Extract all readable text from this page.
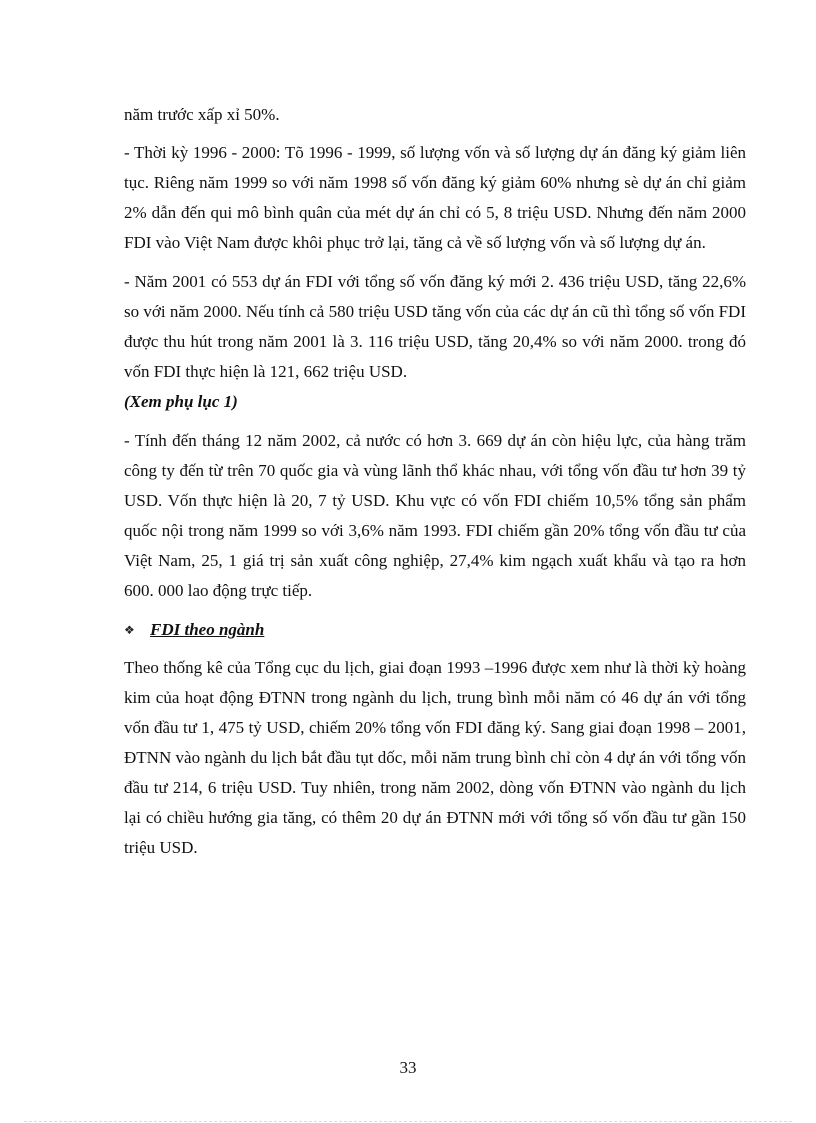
năm trước xấp xỉ 50%.

- Thời kỳ 1996 - 2000: Tõ 1996 - 1999, số lượng vốn và số lượng dự án đăng ký giảm liên tục. Riêng năm 1999 so với năm 1998 số vốn đăng ký giảm 60% nhưng sè dự án chỉ giảm 2% dẫn đến qui mô bình quân của mét dự án chỉ có 5, 8 triệu USD. Nhưng đến năm 2000 FDI vào Việt Nam được khôi phục trở lại, tăng cả về số lượng vốn và số lượng dự án.

- Năm 2001 có 553 dự án FDI với tổng số vốn đăng ký mới 2. 436 triệu USD, tăng 22,6% so với năm 2000. Nếu tính cả 580 triệu USD tăng vốn của các dự án cũ thì tổng số vốn FDI được thu hút trong năm 2001 là 3. 116 triệu USD, tăng 20,4% so với năm 2000. trong đó vốn FDI thực hiện là 121, 662 triệu USD.
(Xem phụ lục 1)

- Tính đến tháng 12 năm 2002, cả nước có hơn 3. 669 dự án còn hiệu lực, của hàng trăm công ty đến từ trên 70 quốc gia và vùng lãnh thổ khác nhau, với tổng vốn đầu tư hơn 39 tỷ USD. Vốn thực hiện là 20, 7 tỷ USD. Khu vực có vốn FDI chiếm 10,5% tổng sản phẩm quốc nội trong năm 1999 so với 3,6% năm 1993. FDI chiếm gần 20% tổng vốn đầu tư của Việt Nam, 25, 1 giá trị sản xuất công nghiệp, 27,4% kim ngạch xuất khẩu và tạo ra hơn 600. 000 lao động trực tiếp.

❖ FDI theo ngành

Theo thống kê của Tổng cục du lịch, giai đoạn 1993 –1996 được xem như là thời kỳ hoàng kim của hoạt động ĐTNN trong ngành du lịch, trung bình mỗi năm có 46 dự án với tổng vốn đầu tư 1, 475 tỷ USD, chiếm 20% tổng vốn FDI đăng ký. Sang giai đoạn 1998 – 2001, ĐTNN vào ngành du lịch bắt đầu tụt dốc, mỗi năm trung bình chỉ còn 4 dự án với tổng vốn đầu tư 214, 6 triệu USD. Tuy nhiên, trong năm 2002, dòng vốn ĐTNN vào ngành du lịch lại có chiều hướng gia tăng, có thêm 20 dự án ĐTNN mới với tổng số vốn đầu tư gần 150 triệu USD.

33
